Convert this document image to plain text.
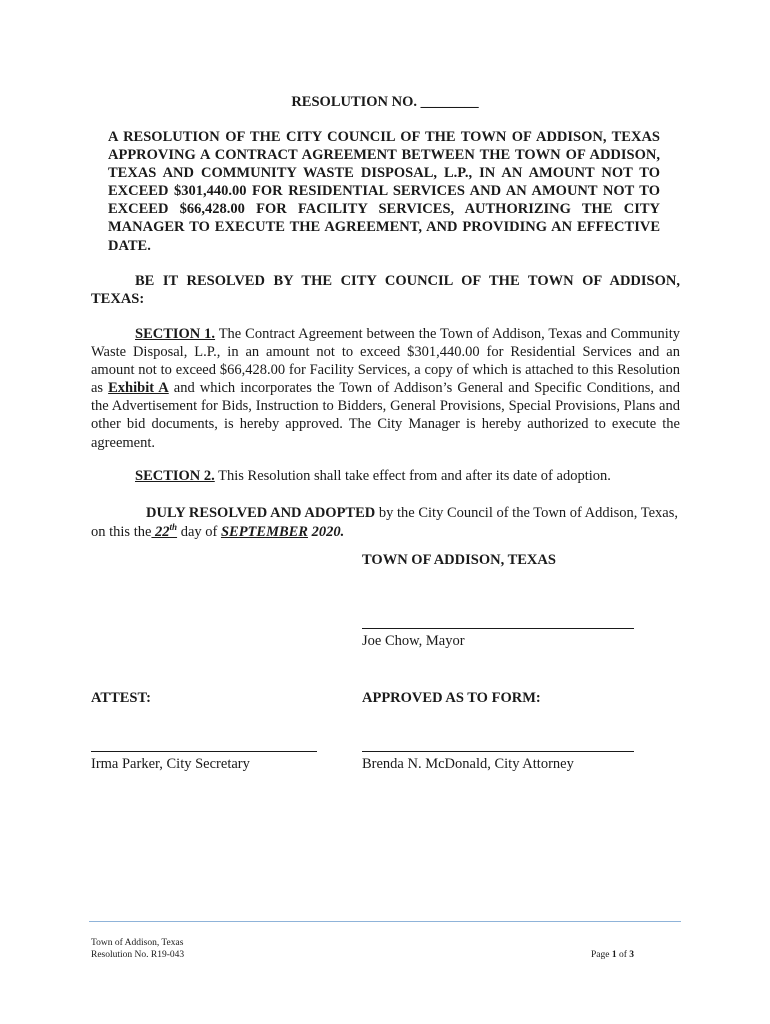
RESOLUTION NO. ________
A RESOLUTION OF THE CITY COUNCIL OF THE TOWN OF ADDISON, TEXAS APPROVING A CONTRACT AGREEMENT BETWEEN THE TOWN OF ADDISON, TEXAS AND COMMUNITY WASTE DISPOSAL, L.P., IN AN AMOUNT NOT TO EXCEED $301,440.00 FOR RESIDENTIAL SERVICES AND AN AMOUNT NOT TO EXCEED $66,428.00 FOR FACILITY SERVICES, AUTHORIZING THE CITY MANAGER TO EXECUTE THE AGREEMENT, AND PROVIDING AN EFFECTIVE DATE.
BE IT RESOLVED BY THE CITY COUNCIL OF THE TOWN OF ADDISON, TEXAS:
SECTION 1. The Contract Agreement between the Town of Addison, Texas and Community Waste Disposal, L.P., in an amount not to exceed $301,440.00 for Residential Services and an amount not to exceed $66,428.00 for Facility Services, a copy of which is attached to this Resolution as Exhibit A and which incorporates the Town of Addison’s General and Specific Conditions, and the Advertisement for Bids, Instruction to Bidders, General Provisions, Special Provisions, Plans and other bid documents, is hereby approved. The City Manager is hereby authorized to execute the agreement.
SECTION 2. This Resolution shall take effect from and after its date of adoption.
DULY RESOLVED AND ADOPTED by the City Council of the Town of Addison, Texas, on this the 22th day of SEPTEMBER 2020.
TOWN OF ADDISON, TEXAS
Joe Chow, Mayor
ATTEST:	APPROVED AS TO FORM:
Irma Parker, City Secretary	Brenda N. McDonald, City Attorney
Town of Addison, Texas
Resolution No. R19-043	Page 1 of 3
